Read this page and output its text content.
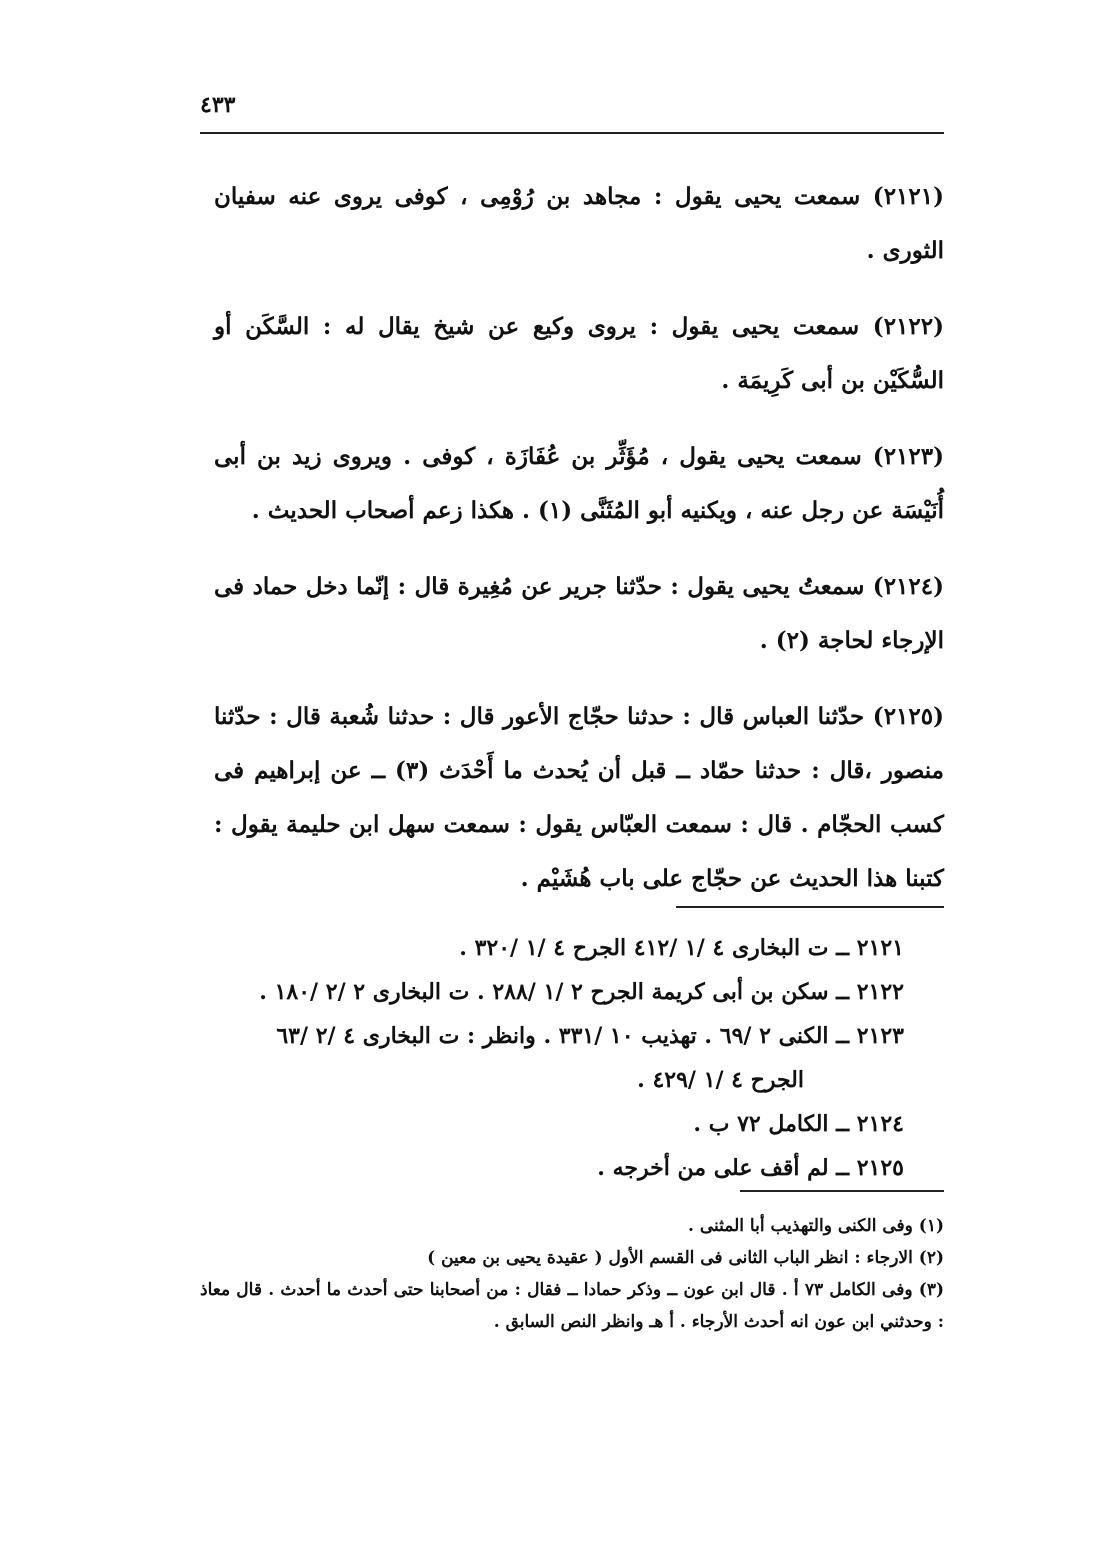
٤٣٣

(٢١٢١) سمعت يحيى يقول : مجاهد بن رُوْمِى ، كوفى يروى عنه سفيان الثورى .

(٢١٢٢) سمعت يحيى يقول : يروى وكيع عن شيخ يقال له : السَّكَن أو السُّكَيْن بن أبى كَرِيمَة .

(٢١٢٣) سمعت يحيى يقول ، مُؤَثِّر بن عُفَازَة ، كوفى . ويروى زيد بن أبى أُنَيْسَة عن رجل عنه ، ويكنيه أبو المُثَنَّى (١) . هكذا زعم أصحاب الحديث .

(٢١٢٤) سمعتُ يحيى يقول : حدّثنا جرير عن مُغِيرة قال : إنّما دخل حماد فى الإرجاء لحاجة (٢) .

(٢١٢٥) حدّثنا العباس قال : حدثنا حجّاج الأعور قال : حدثنا شُعبة قال : حدّثنا منصور ،قال : حدثنا حمّاد ــ قبل أن يُحدث ما أَحْدَث (٣) ــ عن إبراهيم فى كسب الحجّام . قال : سمعت العبّاس يقول : سمعت سهل ابن حليمة يقول : كتبنا هذا الحديث عن حجّاج على باب هُشَيْم .

٢١٢١ ــ ت البخارى ٤ /١ /٤١٢ الجرح ٤ /١ /٣٢٠ .
٢١٢٢ ــ سكن بن أبى كريمة الجرح ٢ /١ /٢٨٨ . ت البخارى ٢ /٢ /١٨٠ .
٢١٢٣ ــ الكنى ٢ /٦٩ . تهذيب ١٠ /٣٣١ . وانظر : ت البخارى ٤ /٢ /٦٣
الجرح ٤ /١ /٤٢٩ .
٢١٢٤ ــ الكامل ٧٢ ب .
٢١٢٥ ــ لم أقف على من أخرجه .

(١) وفى الكنى والتهذيب أبا المثنى .

(٢) الارجاء : انظر الباب الثانى فى القسم الأول ( عقيدة يحيى بن معين )

(٣) وفى الكامل ٧٣ أ . قال ابن عون ــ وذكر حمادا ــ فقال : من أصحابنا حتى أحدث ما أحدث . قال معاذ : وحدثني ابن عون انه أحدث الأرجاء . أ هـ وانظر النص السابق .
